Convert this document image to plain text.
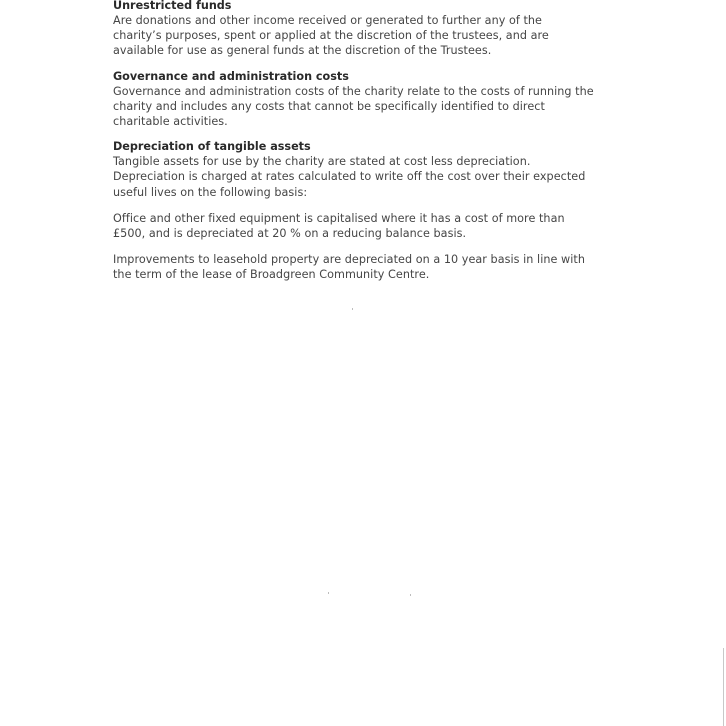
Unrestricted funds
Are donations and other income received or generated to further any of the
charity’s purposes, spent or applied at the discretion of the trustees, and are
available for use as general funds at the discretion of the Trustees.
Governance and administration costs
Governance and administration costs of the charity relate to the costs of running the
charity and includes any costs that cannot be specifically identified to direct
charitable activities.
Depreciation of tangible assets
Tangible assets for use by the charity are stated at cost less depreciation.
Depreciation is charged at rates calculated to write off the cost over their expected
useful lives on the following basis:
Office and other fixed equipment is capitalised where it has a cost of more than
£500, and is depreciated at 20 % on a reducing balance basis.
Improvements to leasehold property are depreciated on a 10 year basis in line with
the term of the lease of Broadgreen Community Centre.
